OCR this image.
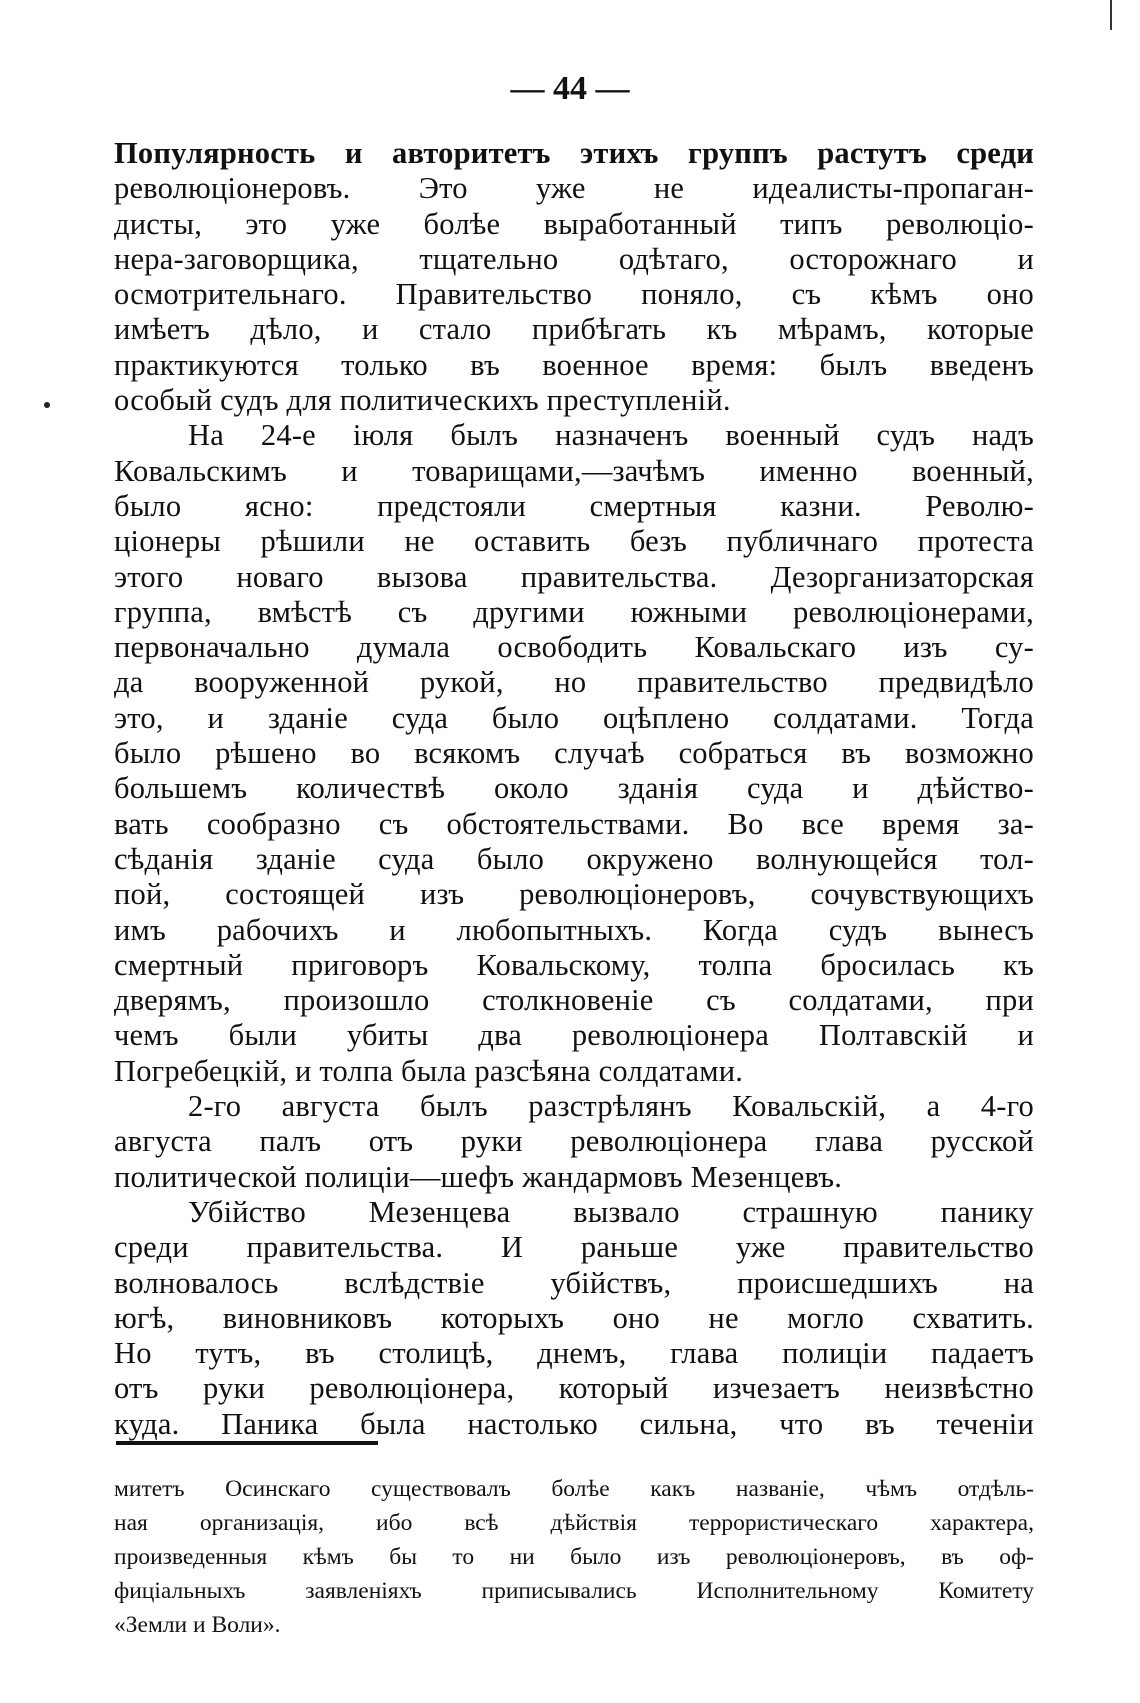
— 44 —
Популярность и авторитетъ этихъ группъ растутъ среди
революціонеровъ. Это уже не идеалисты-пропаган-
дисты, это уже болѣе выработанный типъ революціо-
нера-заговорщика, тщательно одѣтаго, осторожнаго и
осмотрительнаго. Правительство поняло, съ кѣмъ оно
имѣетъ дѣло, и стало прибѣгать къ мѣрамъ, которые
практикуются только въ военное время: былъ введенъ
особый судъ для политическихъ преступленій.
На 24-е іюля былъ назначенъ военный судъ надъ
Ковальскимъ и товарищами,—зачѣмъ именно военный,
было ясно: предстояли смертныя казни. Револю-
ціонеры рѣшили не оставить безъ публичнаго протеста
этого новаго вызова правительства. Дезорганизаторская
группа, вмѣстѣ съ другими южными революціонерами,
первоначально думала освободить Ковальскаго изъ су-
да вооруженной рукой, но правительство предвидѣло
это, и зданіе суда было оцѣплено солдатами. Тогда
было рѣшено во всякомъ случаѣ собраться въ возможно
большемъ количествѣ около зданія суда и дѣйство-
вать сообразно съ обстоятельствами. Во все время за-
сѣданія зданіе суда было окружено волнующейся тол-
пой, состоящей изъ революціонеровъ, сочувствующихъ
имъ рабочихъ и любопытныхъ. Когда судъ вынесъ
смертный приговоръ Ковальскому, толпа бросилась къ
дверямъ, произошло столкновеніе съ солдатами, при
чемъ были убиты два революціонера Полтавскій и
Погребецкій, и толпа была разсѣяна солдатами.
2-го августа былъ разстрѣлянъ Ковальскій, а 4-го
августа палъ отъ руки революціонера глава русской
политической полиціи—шефъ жандармовъ Мезенцевъ.
Убійство Мезенцева вызвало страшную панику
среди правительства. И раньше уже правительство
волновалось вслѣдствіе убійствъ, происшедшихъ на
югѣ, виновниковъ которыхъ оно не могло схватить.
Но тутъ, въ столицѣ, днемъ, глава полиціи падаетъ
отъ руки революціонера, который изчезаетъ неизвѣстно
куда. Паника была настолько сильна, что въ теченіи
митетъ Осинскаго существовалъ болѣе какъ названіе, чѣмъ отдѣль-
ная организація, ибо всѣ дѣйствія террористическаго характера,
произведенныя кѣмъ бы то ни было изъ революціонеровъ, въ оф-
фиціальныхъ заявленіяхъ приписывались Исполнительному Комитету
«Земли и Воли».
